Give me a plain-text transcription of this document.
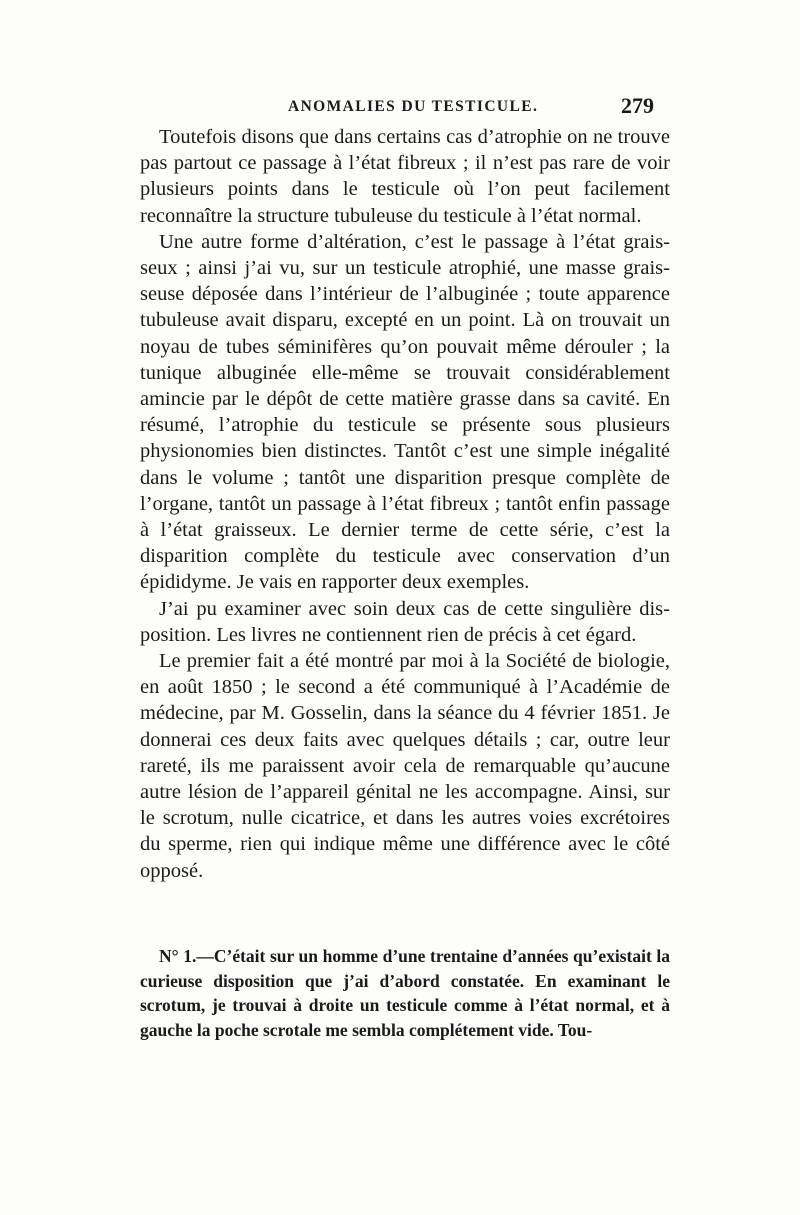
ANOMALIES DU TESTICULE.	279

Toutefois disons que dans certains cas d’atrophie on ne trouve pas partout ce passage à l’état fibreux ; il n’est pas rare de voir plusieurs points dans le testicule où l’on peut facilement reconnaître la structure tubuleuse du testicule à l’état normal.

Une autre forme d’altération, c’est le passage à l’état graisseux ; ainsi j’ai vu, sur un testicule atrophié, une masse graisseuse déposée dans l’intérieur de l’albuginée ; toute apparence tubuleuse avait disparu, excepté en un point. Là on trouvait un noyau de tubes séminifères qu’on pouvait même dérouler ; la tunique albuginée elle-même se trouvait considérablement amincie par le dépôt de cette matière grasse dans sa cavité. En résumé, l’atrophie du testicule se présente sous plusieurs physionomies bien distinctes. Tantôt c’est une simple inégalité dans le volume ; tantôt une disparition presque complète de l’organe, tantôt un passage à l’état fibreux ; tantôt enfin passage à l’état graisseux. Le dernier terme de cette série, c’est la disparition complète du testicule avec conservation d’un épididyme. Je vais en rapporter deux exemples.

J’ai pu examiner avec soin deux cas de cette singulière disposition. Les livres ne contiennent rien de précis à cet égard.

Le premier fait a été montré par moi à la Société de biologie, en août 1850 ; le second a été communiqué à l’Académie de médecine, par M. Gosselin, dans la séance du 4 février 1851. Je donnerai ces deux faits avec quelques détails ; car, outre leur rareté, ils me paraissent avoir cela de remarquable qu’aucune autre lésion de l’appareil génital ne les accompagne. Ainsi, sur le scrotum, nulle cicatrice, et dans les autres voies excrétoires du sperme, rien qui indique même une différence avec le côté opposé.

N° 1.—C’était sur un homme d’une trentaine d’années qu’existait la curieuse disposition que j’ai d’abord constatée. En examinant le scrotum, je trouvai à droite un testicule comme à l’état normal, et à gauche la poche scrotale me sembla complétement vide. Tou-
